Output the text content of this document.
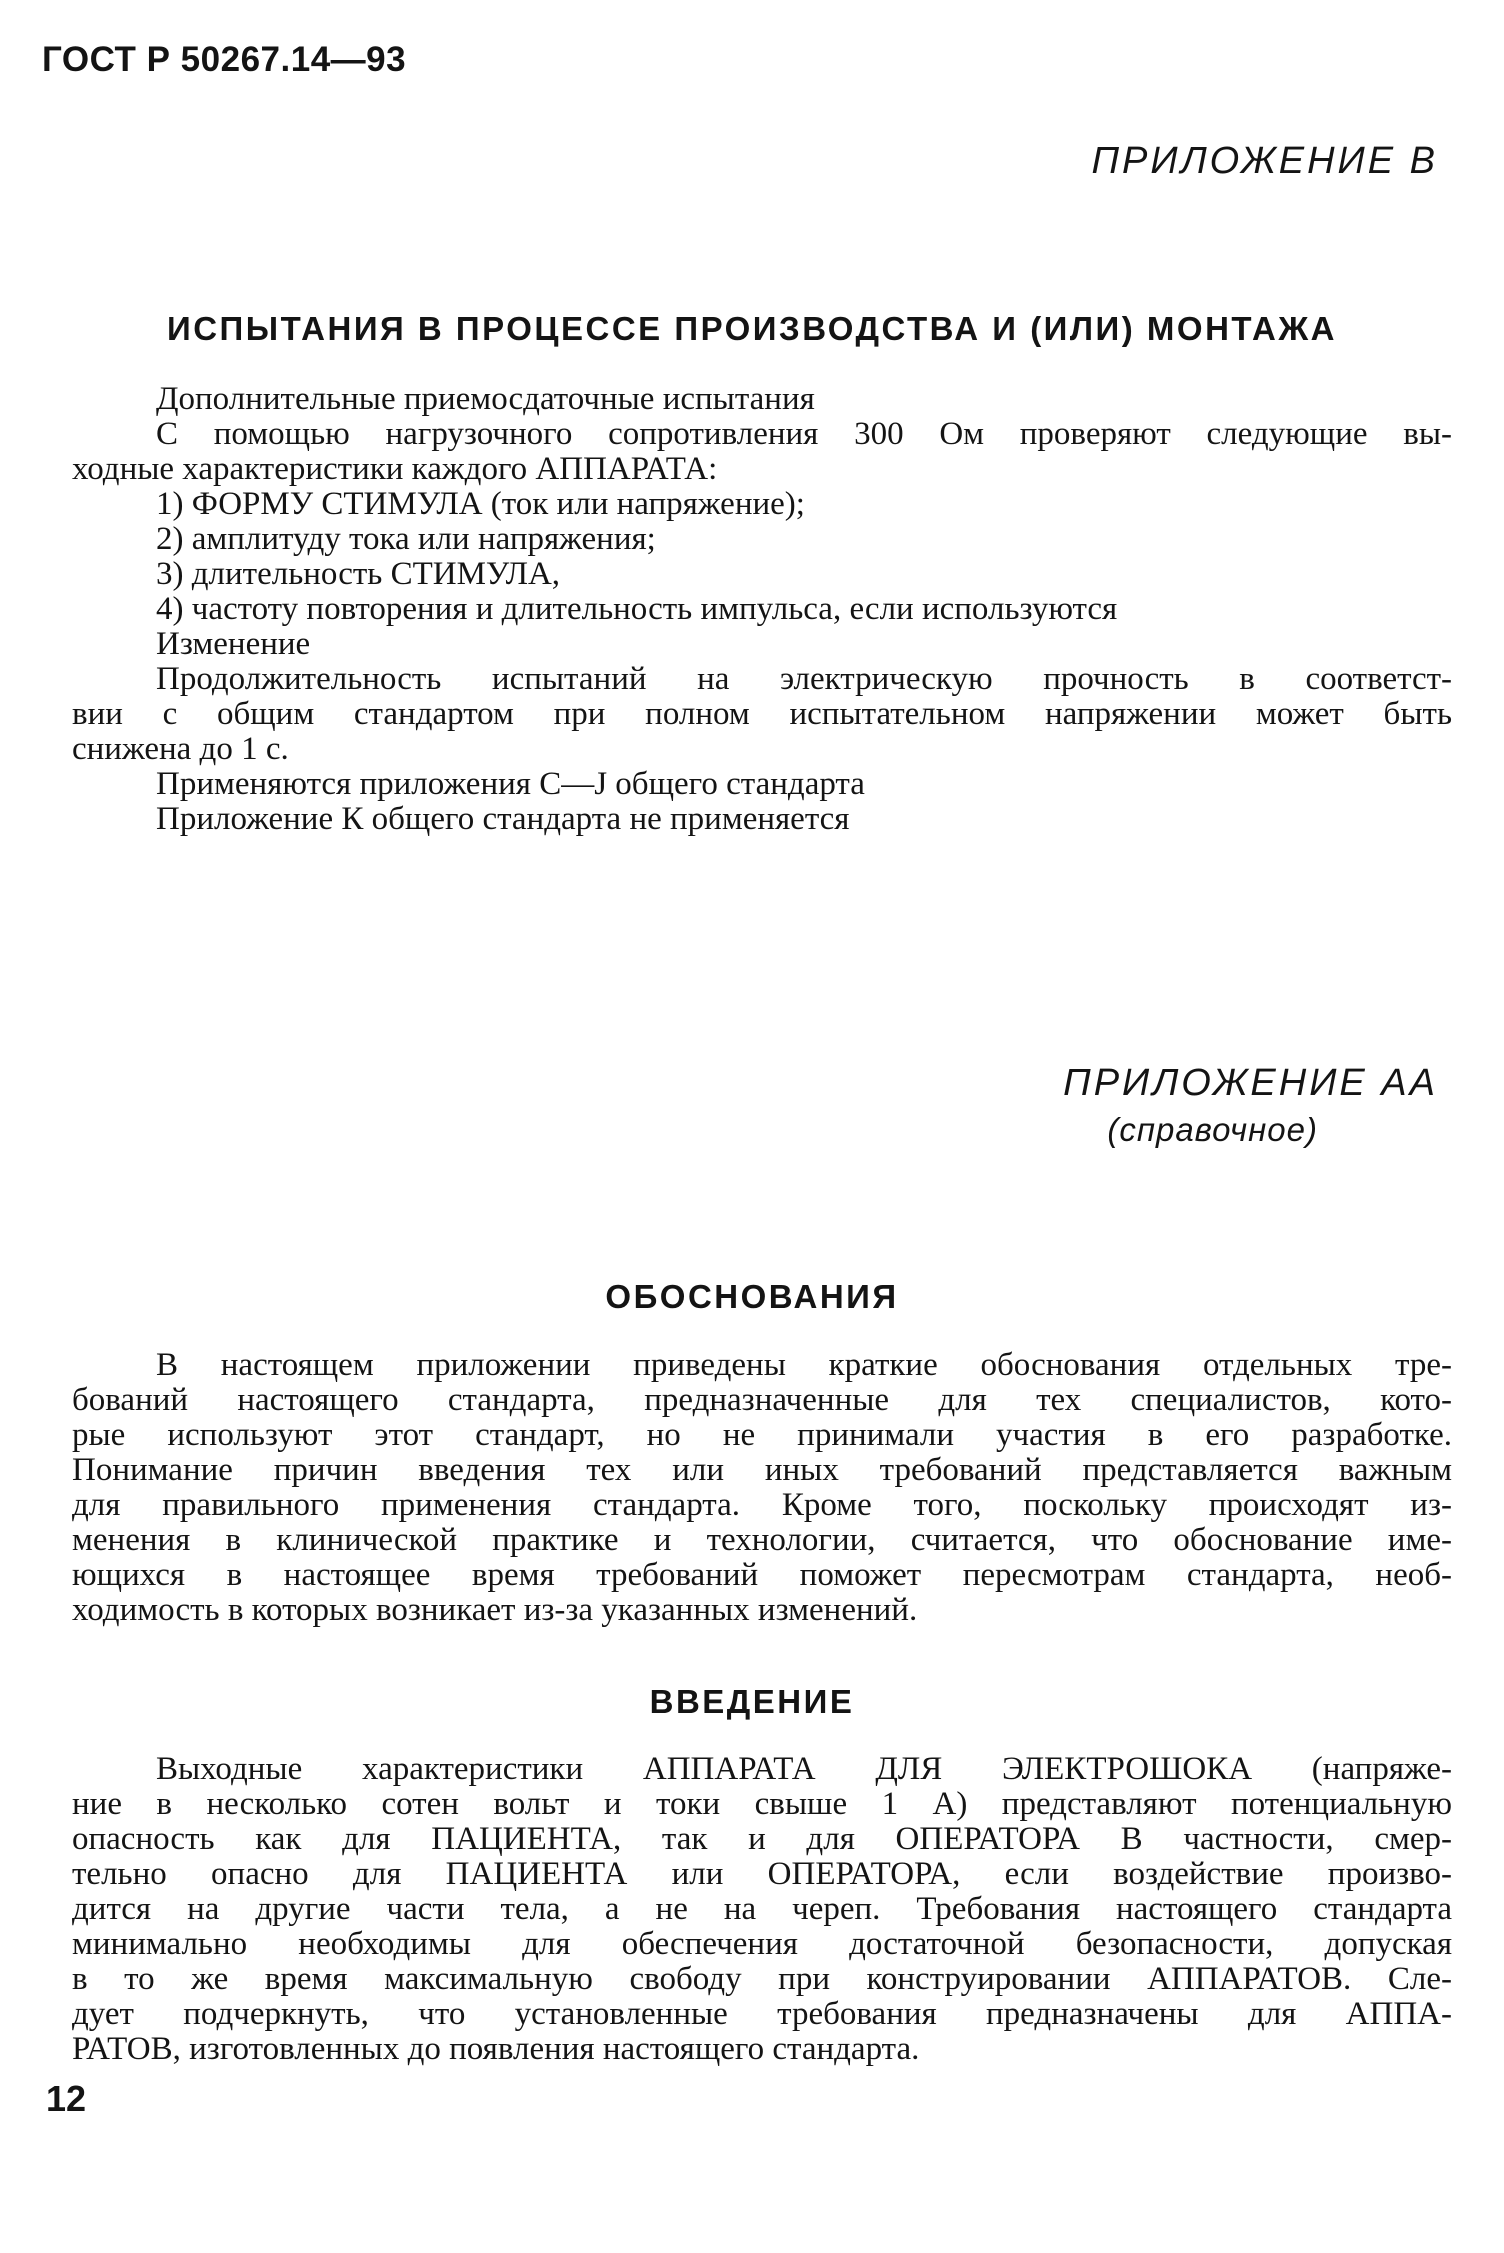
ГОСТ Р 50267.14—93
ПРИЛОЖЕНИЕ В
ИСПЫТАНИЯ В ПРОЦЕССЕ ПРОИЗВОДСТВА И (ИЛИ) МОНТАЖА
Дополнительные приемосдаточные испытания
С помощью нагрузочного сопротивления 300 Ом проверяют следующие вы-
ходные характеристики каждого АППАРАТА:
1) ФОРМУ СТИМУЛА (ток или напряжение);
2) амплитуду тока или напряжения;
3) длительность СТИМУЛА,
4) частоту повторения и длительность импульса, если используются
Изменение
Продолжительность испытаний на электрическую прочность в соответст-
вии с общим стандартом при полном испытательном напряжении может быть
снижена до 1 с.
Применяются приложения С—J общего стандарта
Приложение К общего стандарта не применяется
ПРИЛОЖЕНИЕ АА
(справочное)
ОБОСНОВАНИЯ
В настоящем приложении приведены краткие обоснования отдельных тре-
бований настоящего стандарта, предназначенные для тех специалистов, кото-
рые используют этот стандарт, но не принимали участия в его разработке.
Понимание причин введения тех или иных требований представляется важным
для правильного применения стандарта. Кроме того, поскольку происходят из-
менения в клинической практике и технологии, считается, что обоснование име-
ющихся в настоящее время требований поможет пересмотрам стандарта, необ-
ходимость в которых возникает из-за указанных изменений.
ВВЕДЕНИЕ
Выходные характеристики АППАРАТА ДЛЯ ЭЛЕКТРОШОКА (напряже-
ние в несколько сотен вольт и токи свыше 1 А) представляют потенциальную
опасность как для ПАЦИЕНТА, так и для ОПЕРАТОРА В частности, смер-
тельно опасно для ПАЦИЕНТА или ОПЕРАТОРА, если воздействие произво-
дится на другие части тела, а не на череп. Требования настоящего стандарта
минимально необходимы для обеспечения достаточной безопасности, допуская
в то же время максимальную свободу при конструировании АППАРАТОВ. Сле-
дует подчеркнуть, что установленные требования предназначены для АППА-
РАТОВ, изготовленных до появления настоящего стандарта.
12
